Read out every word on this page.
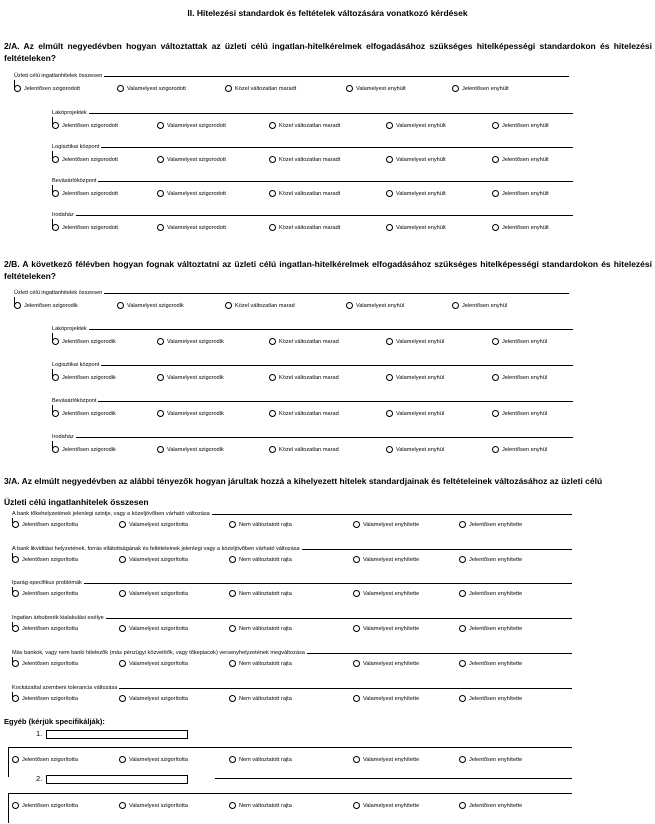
II. Hitelezési standardok és feltételek változására vonatkozó kérdések
2/A. Az elmúlt negyedévben hogyan változtattak az üzleti célú ingatlan-hitelkérelmek elfogadásához szükséges hitelképességi standardokon és hitelezési feltételeken?
Üzleti célú ingatlanhitelek összesen
Jelentősen szigorodott	Valamelyest szigorodott	Közel változatlan maradt	Valamelyest enyhült	Jelentősen enyhült
Lakóprojektek
Jelentősen szigorodott	Valamelyest szigorodott	Közel változatlan maradt	Valamelyest enyhült	Jelentősen enyhült
Logisztikai központ
Jelentősen szigorodott	Valamelyest szigorodott	Közel változatlan maradt	Valamelyest enyhült	Jelentősen enyhült
Bevásárlóközpont
Jelentősen szigorodott	Valamelyest szigorodott	Közel változatlan maradt	Valamelyest enyhült	Jelentősen enyhült
Irodaház
Jelentősen szigorodott	Valamelyest szigorodott	Közel változatlan maradt	Valamelyest enyhült	Jelentősen enyhült
2/B. A következő félévben hogyan fognak változtatni az üzleti célú ingatlan-hitelkérelmek elfogadásához szükséges hitelképességi standardokon és hitelezési feltételeken?
Üzleti célú ingatlanhitelek összesen
Jelentősen szigorodik	Valamelyest szigorodik	Közel változatlan marad	Valamelyest enyhül	Jelentősen enyhül
Lakóprojektek
Jelentősen szigorodik	Valamelyest szigorodik	Közel változatlan marad	Valamelyest enyhül	Jelentősen enyhül
Logisztikai központ
Jelentősen szigorodik	Valamelyest szigorodik	Közel változatlan marad	Valamelyest enyhül	Jelentősen enyhül
Bevásárlóközpont
Jelentősen szigorodik	Valamelyest szigorodik	Közel változatlan marad	Valamelyest enyhül	Jelentősen enyhül
Irodaház
Jelentősen szigorodik	Valamelyest szigorodik	Közel változatlan marad	Valamelyest enyhül	Jelentősen enyhül
3/A. Az elmúlt negyedévben az alábbi tényezők hogyan járultak hozzá a kihelyezett hitelek standardjainak és feltételeinek változásához az üzleti célú
Üzleti célú ingatlanhitelek összesen
A bank tőkehelyzetének jelenlegi szintje, vagy a közeljövőben várható változása
Jelentősen szigorította	Valamelyest szigorította	Nem változtatott rajta	Valamelyest enyhítette	Jelentősen enyhítette
A bank likviditási helyzetének, forrás ellátottságának és feltételeinek jelenlegi vagy a közeljövőben várható változása
Jelentősen szigorította	Valamelyest szigorította	Nem változtatott rajta	Valamelyest enyhítette	Jelentősen enyhítette
Iparág-specifikus problémák
Jelentősen szigorította	Valamelyest szigorította	Nem változtatott rajta	Valamelyest enyhítette	Jelentősen enyhítette
Ingatlan árbuborék kialakulási esélye
Jelentősen szigorította	Valamelyest szigorította	Nem változtatott rajta	Valamelyest enyhítette	Jelentősen enyhítette
Más bankok, vagy nem banki hitelezők (más pénzügyi közvetítők, vagy tőkepiacok) versenyhelyzetének megváltozása
Jelentősen szigorította	Valamelyest szigorította	Nem változtatott rajta	Valamelyest enyhítette	Jelentősen enyhítette
Kockázattal szembeni tolerancia változása
Jelentősen szigorította	Valamelyest szigorította	Nem változtatott rajta	Valamelyest enyhítette	Jelentősen enyhítette
Egyéb (kérjük specifikálják):
1.
Jelentősen szigorította	Valamelyest szigorította	Nem változtatott rajta	Valamelyest enyhítette	Jelentősen enyhítette
2.
Jelentősen szigorította	Valamelyest szigorította	Nem változtatott rajta	Valamelyest enyhítette	Jelentősen enyhítette
